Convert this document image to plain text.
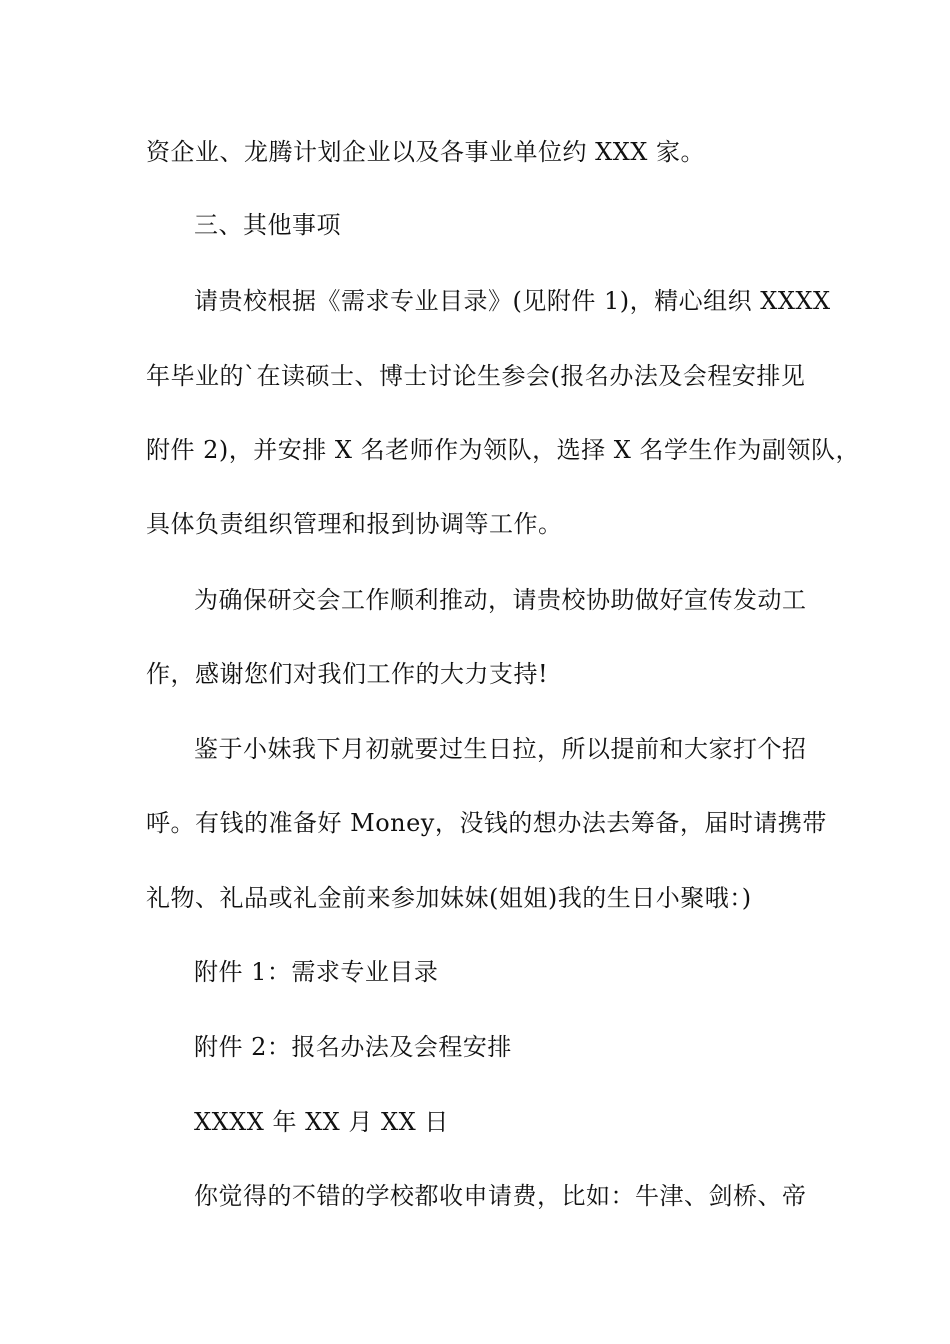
资企业、龙腾计划企业以及各事业单位约 XXX 家。
三、其他事项
请贵校根据《需求专业目录》(见附件 1)，精心组织 XXXX
年毕业的`在读硕士、博士讨论生参会(报名办法及会程安排见
附件 2)，并安排 X 名老师作为领队，选择 X 名学生作为副领队，
具体负责组织管理和报到协调等工作。
为确保研交会工作顺利推动，请贵校协助做好宣传发动工
作，感谢您们对我们工作的大力支持!
鉴于小妹我下月初就要过生日拉，所以提前和大家打个招
呼。有钱的准备好 Money，没钱的想办法去筹备，届时请携带
礼物、礼品或礼金前来参加妹妹(姐姐)我的生日小聚哦：)
附件 1：需求专业目录
附件 2：报名办法及会程安排
XXXX 年 XX 月 XX 日
你觉得的不错的学校都收申请费，比如：牛津、剑桥、帝
